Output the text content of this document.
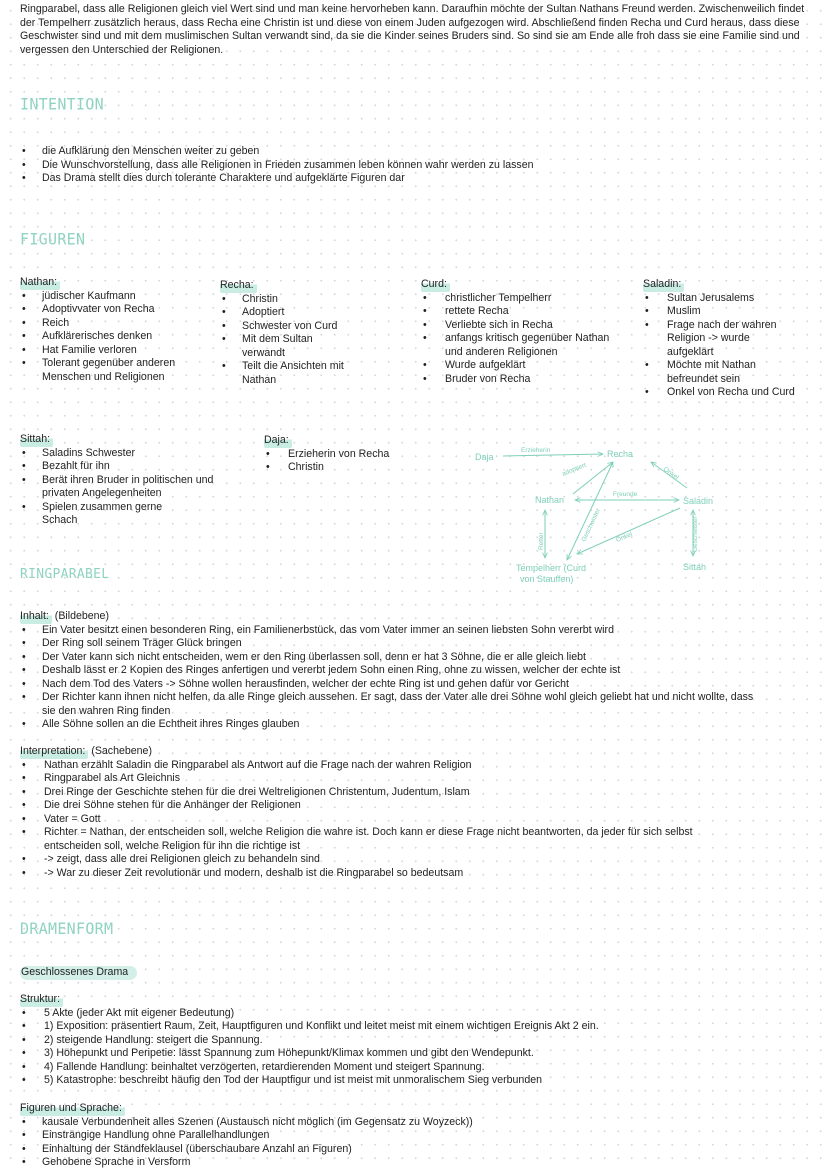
Ringparabel, dass alle Religionen gleich viel Wert sind und man keine hervorheben kann. Daraufhin möchte der Sultan Nathans Freund werden. Zwischenweilich findet der Tempelherr zusätzlich heraus, dass Recha eine Christin ist und diese von einem Juden aufgezogen wird. Abschließend finden Recha und Curd heraus, dass diese Geschwister sind und mit dem muslimischen Sultan verwandt sind, da sie die Kinder seines Bruders sind. So sind sie am Ende alle froh dass sie eine Familie sind und vergessen den Unterschied der Religionen.
INTENTION
• die Aufklärung den Menschen weiter zu geben
• Die Wunschvorstellung, dass alle Religionen in Frieden zusammen leben können wahr werden zu lassen
• Das Drama stellt dies durch tolerante Charaktere und aufgeklärte Figuren dar
FIGUREN
Nathan:
• jüdischer Kaufmann
• Adoptivvater von Recha
• Reich
• Aufklärerisches denken
• Hat Familie verloren
• Tolerant gegenüber anderen Menschen und Religionen
Recha:
• Christin
• Adoptiert
• Schwester von Curd
• Mit dem Sultan verwandt
• Teilt die Ansichten mit Nathan
Curd:
• christlicher Tempelherr
• rettete Recha
• Verliebte sich in Recha
• anfangs kritisch gegenüber Nathan und anderen Religionen
• Wurde aufgeklärt
• Bruder von Recha
Saladin:
• Sultan Jerusalems
• Muslim
• Frage nach der wahren Religion -> wurde aufgeklärt
• Möchte mit Nathan befreundet sein
• Onkel von Recha und Curd
Sittah:
• Saladins Schwester
• Bezahlt für ihn
• Berät ihren Bruder in politischen und privaten Angelegenheiten
• Spielen zusammen gerne Schach
Daja:
• Erzieherin von Recha
• Christin
Daja	Recha
Nathan	Saladin
Tempelherr (Curd
von Stauffen)
Sittah
Erzieherin
adoptiert	Onkel
Freunde
Retter	Geschwister Onkel	Geschwister
RINGPARABEL
Inhalt: (Bildebene)
• Ein Vater besitzt einen besonderen Ring, ein Familienerbstück, das vom Vater immer an seinen liebsten Sohn vererbt wird
• Der Ring soll seinem Träger Glück bringen
• Der Vater kann sich nicht entscheiden, wem er den Ring überlassen soll, denn er hat 3 Söhne, die er alle gleich liebt
• Deshalb lässt er 2 Kopien des Ringes anfertigen und vererbt jedem Sohn einen Ring, ohne zu wissen, welcher der echte ist
• Nach dem Tod des Vaters -> Söhne wollen herausfinden, welcher der echte Ring ist und gehen dafür vor Gericht
• Der Richter kann ihnen nicht helfen, da alle Ringe gleich aussehen. Er sagt, dass der Vater alle drei Söhne wohl gleich geliebt hat und nicht wollte, dass sie den wahren Ring finden
• Alle Söhne sollen an die Echtheit ihres Ringes glauben
Interpretation: (Sachebene)
• Nathan erzählt Saladin die Ringparabel als Antwort auf die Frage nach der wahren Religion
• Ringparabel als Art Gleichnis
• Drei Ringe der Geschichte stehen für die drei Weltreligionen Christentum, Judentum, Islam
• Die drei Söhne stehen für die Anhänger der Religionen
• Vater = Gott
• Richter = Nathan, der entscheiden soll, welche Religion die wahre ist. Doch kann er diese Frage nicht beantworten, da jeder für sich selbst entscheiden soll, welche Religion für ihn die richtige ist
• -> zeigt, dass alle drei Religionen gleich zu behandeln sind
• -> War zu dieser Zeit revolutionär und modern, deshalb ist die Ringparabel so bedeutsam
DRAMENFORM
Geschlossenes Drama
Struktur:
• 5 Akte (jeder Akt mit eigener Bedeutung)
• 1) Exposition: präsentiert Raum, Zeit, Hauptfiguren und Konflikt und leitet meist mit einem wichtigen Ereignis Akt 2 ein.
• 2) steigende Handlung: steigert die Spannung.
• 3) Höhepunkt und Peripetie: lässt Spannung zum Höhepunkt/Klimax kommen und gibt den Wendepunkt.
• 4) Fallende Handlung: beinhaltet verzögerten, retardierenden Moment und steigert Spannung.
• 5) Katastrophe: beschreibt häufig den Tod der Hauptfigur und ist meist mit unmoralischem Sieg verbunden
Figuren und Sprache:
• kausale Verbundenheit alles Szenen (Austausch nicht möglich (im Gegensatz zu Woyzeck))
• Einsträngige Handlung ohne Parallelhandlungen
• Einhaltung der Ständfeklausel (überschaubare Anzahl an Figuren)
• Gehobene Sprache in Versform
